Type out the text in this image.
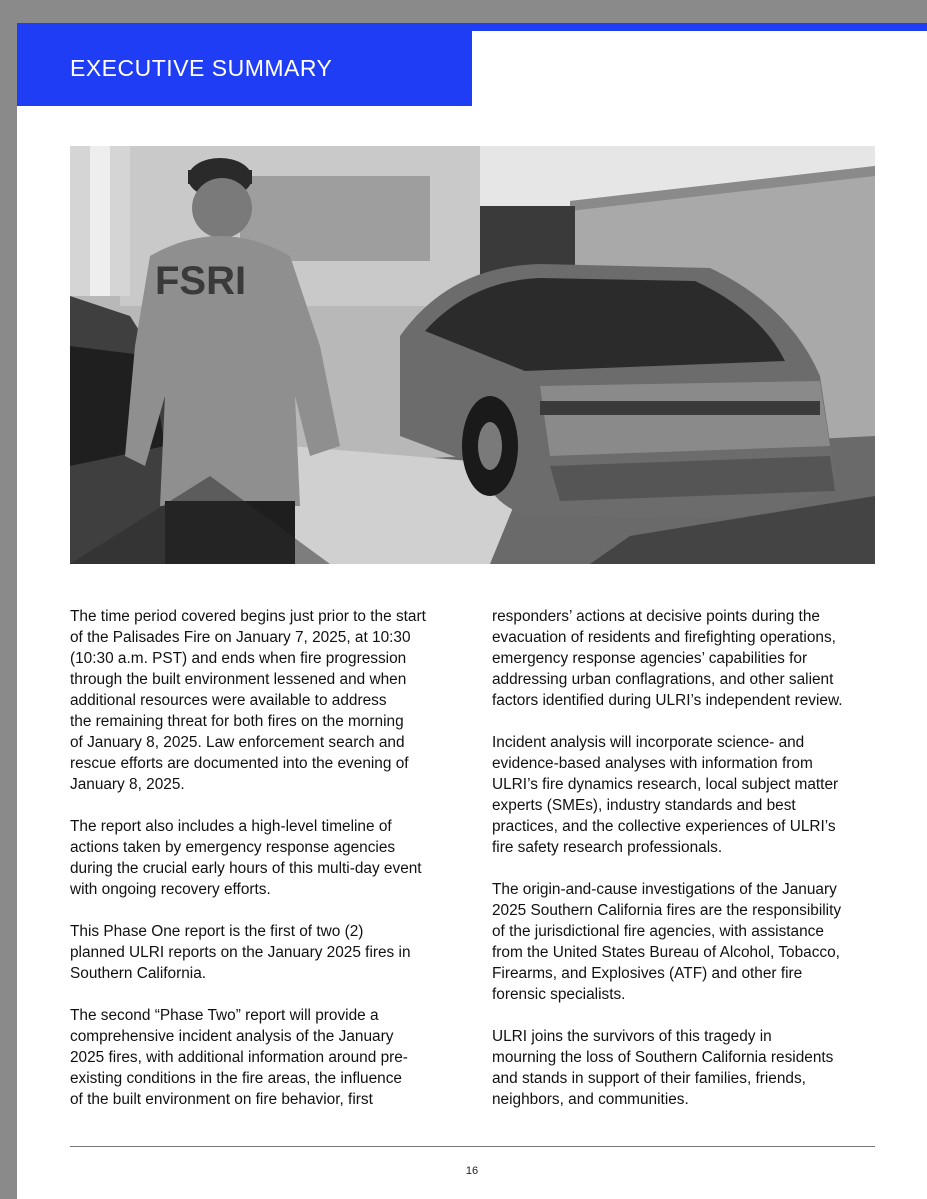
EXECUTIVE SUMMARY
FSRI

The time period covered begins just prior to the start
of the Palisades Fire on January 7, 2025, at 10:30
(10:30 a.m. PST) and ends when fire progression
through the built environment lessened and when
additional resources were available to address
the remaining threat for both fires on the morning
of January 8, 2025. Law enforcement search and
rescue efforts are documented into the evening of
January 8, 2025.

The report also includes a high-level timeline of
actions taken by emergency response agencies
during the crucial early hours of this multi-day event
with ongoing recovery efforts.

This Phase One report is the first of two (2)
planned ULRI reports on the January 2025 fires in
Southern California.

The second “Phase Two” report will provide a
comprehensive incident analysis of the January
2025 fires, with additional information around pre-
existing conditions in the fire areas, the influence
of the built environment on fire behavior, first

responders’ actions at decisive points during the
evacuation of residents and firefighting operations,
emergency response agencies’ capabilities for
addressing urban conflagrations, and other salient
factors identified during ULRI’s independent review.

Incident analysis will incorporate science- and
evidence-based analyses with information from
ULRI’s fire dynamics research, local subject matter
experts (SMEs), industry standards and best
practices, and the collective experiences of ULRI’s
fire safety research professionals.

The origin-and-cause investigations of the January
2025 Southern California fires are the responsibility
of the jurisdictional fire agencies, with assistance
from the United States Bureau of Alcohol, Tobacco,
Firearms, and Explosives (ATF) and other fire
forensic specialists.

ULRI joins the survivors of this tragedy in
mourning the loss of Southern California residents
and stands in support of their families, friends,
neighbors, and communities.

16
